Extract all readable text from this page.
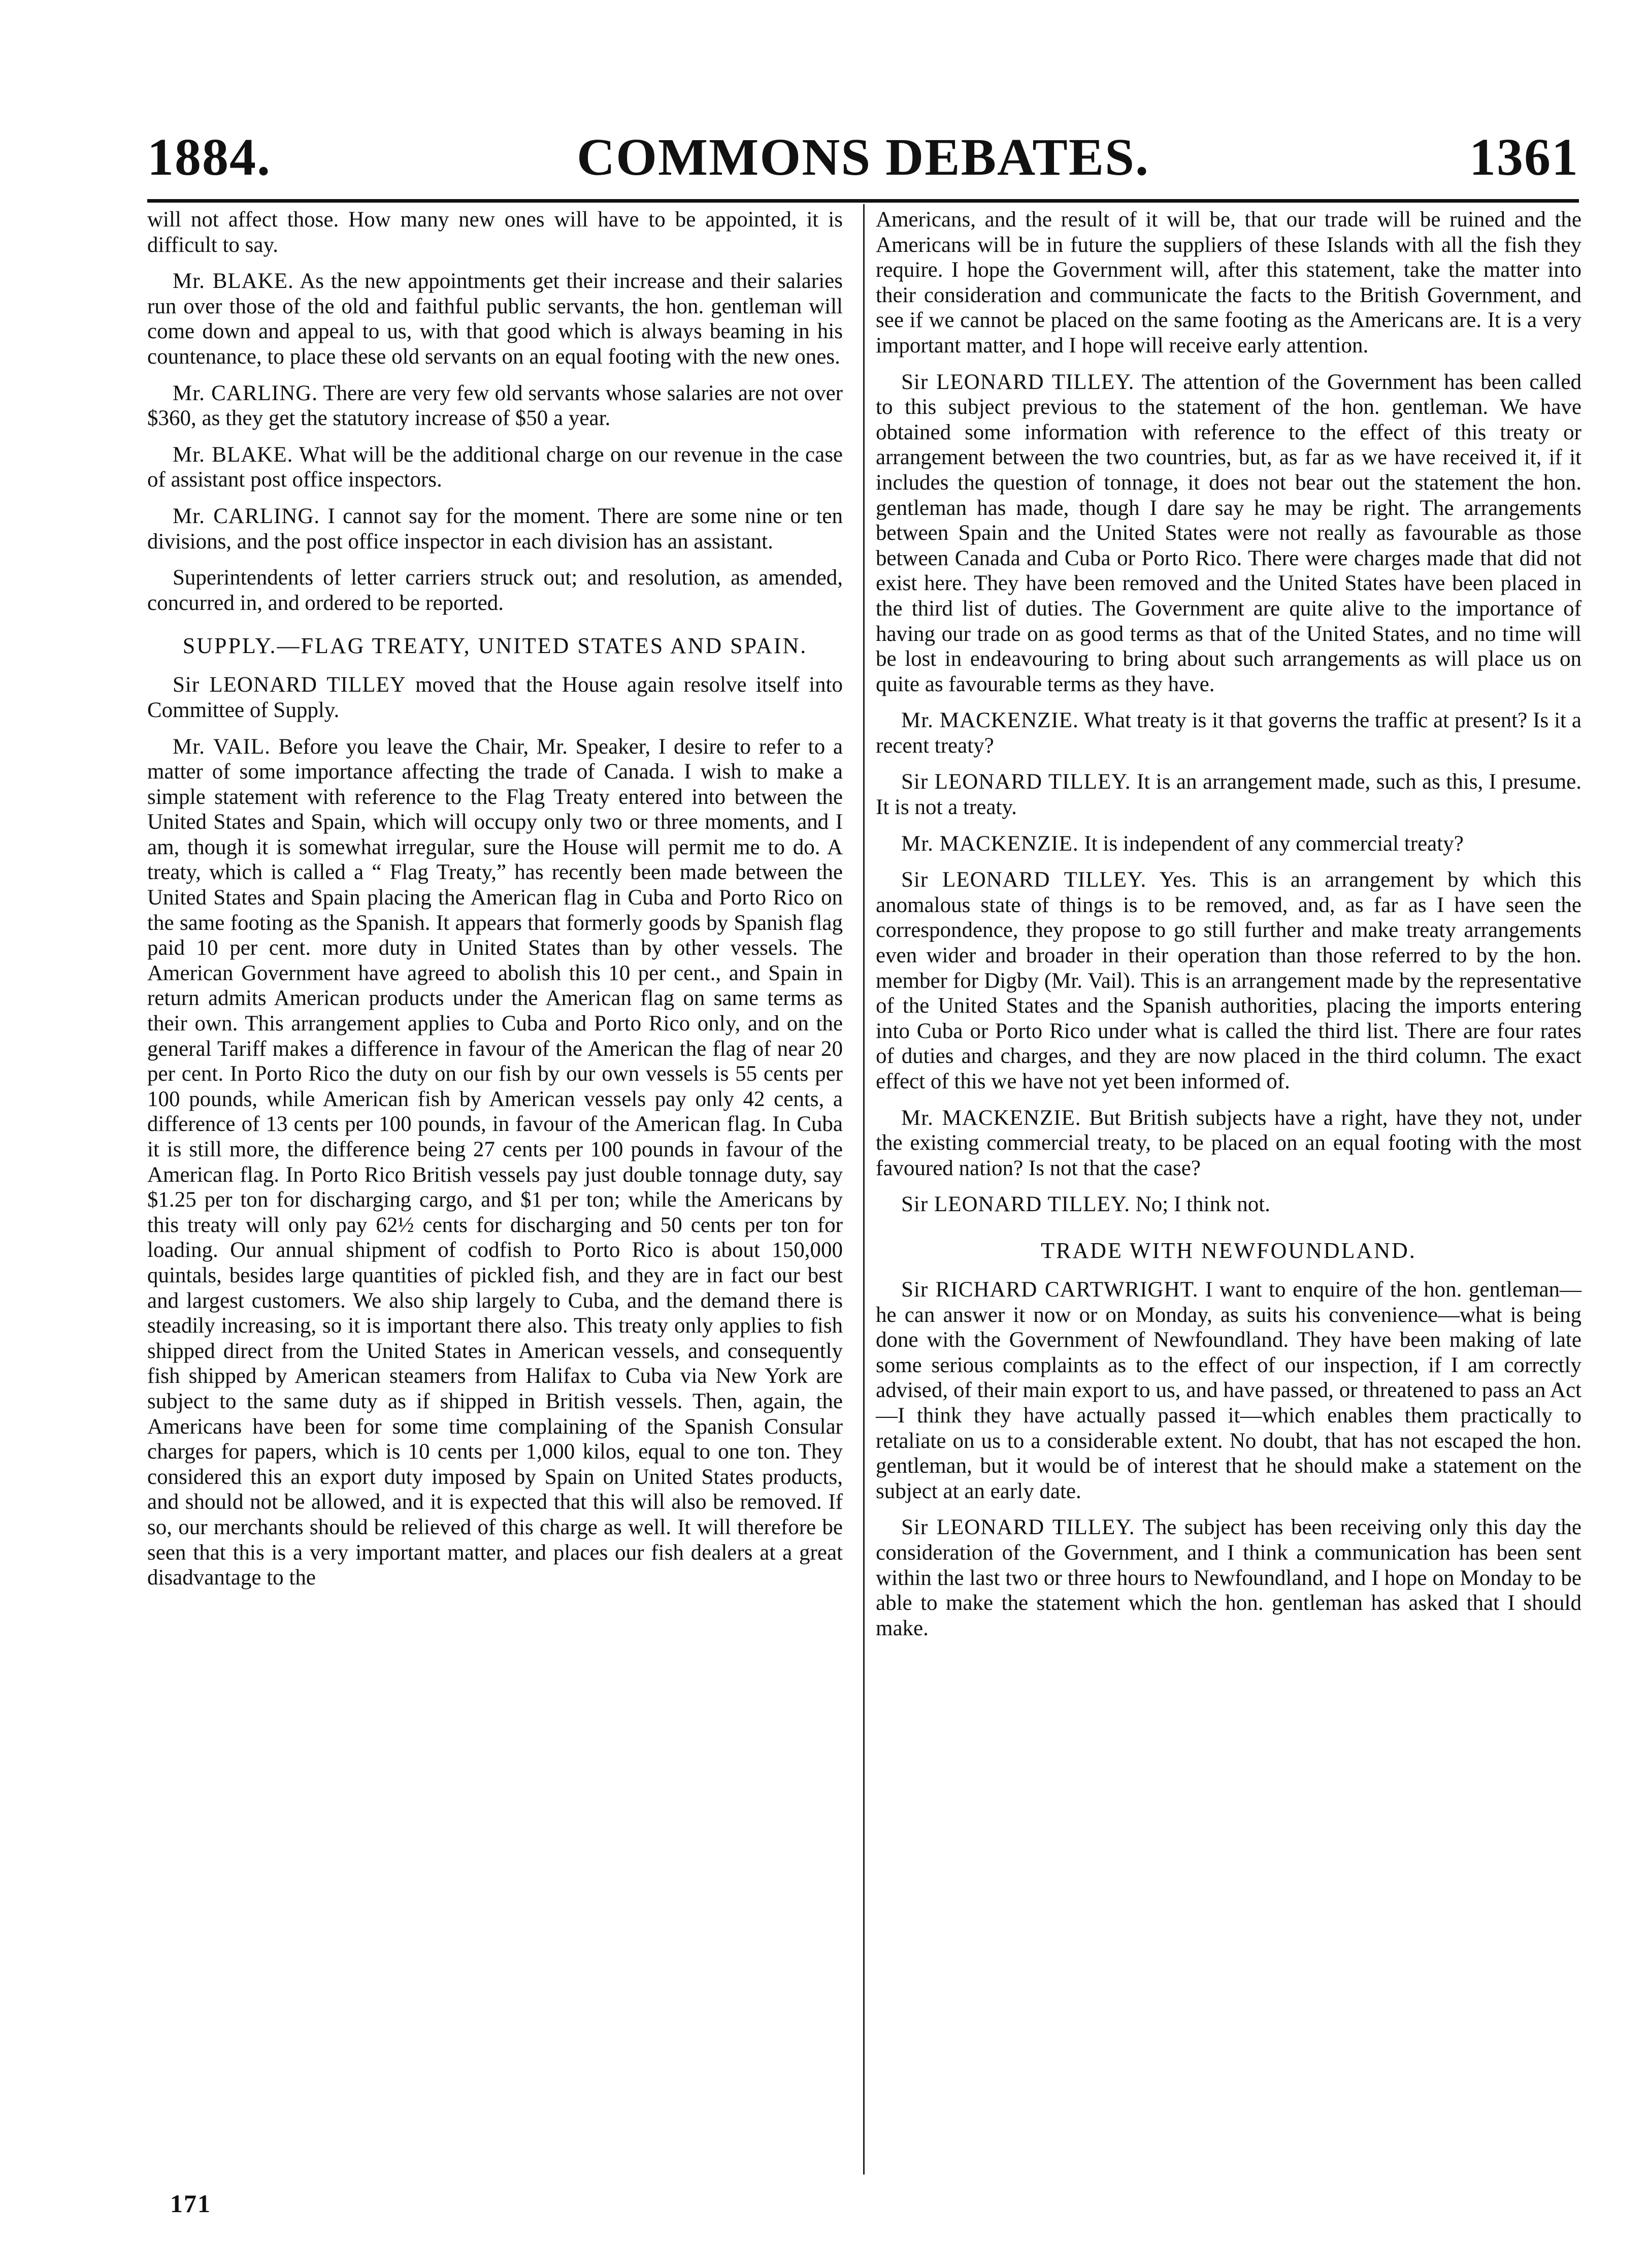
COMMONS DEBATES.
1884.	1361

will not affect those. How many new ones will have to be appointed, it is difficult to say.

Mr. BLAKE. As the new appointments get their increase and their salaries run over those of the old and faithful public servants, the hon. gentleman will come down and appeal to us, with that good which is always beaming in his countenance, to place these old servants on an equal footing with the new ones.

Mr. CARLING. There are very few old servants whose salaries are not over $360, as they get the statutory increase of $50 a year.

Mr. BLAKE. What will be the additional charge on our revenue in the case of assistant post office inspectors.

Mr. CARLING. I cannot say for the moment. There are some nine or ten divisions, and the post office inspector in each division has an assistant.

Superintendents of letter carriers struck out; and resolution, as amended, concurred in, and ordered to be reported.

SUPPLY.—FLAG TREATY, UNITED STATES AND SPAIN.

Sir LEONARD TILLEY moved that the House again resolve itself into Committee of Supply.

Mr. VAIL. Before you leave the Chair, Mr. Speaker, I desire to refer to a matter of some importance affecting the trade of Canada. I wish to make a simple statement with reference to the Flag Treaty entered into between the United States and Spain, which will occupy only two or three moments, and I am, though it is somewhat irregular, sure the House will permit me to do. A treaty, which is called a “ Flag Treaty,” has recently been made between the United States and Spain placing the American flag in Cuba and Porto Rico on the same footing as the Spanish. It appears that formerly goods by Spanish flag paid 10 per cent. more duty in United States than by other vessels. The American Government have agreed to abolish this 10 per cent., and Spain in return admits American products under the American flag on same terms as their own. This arrangement applies to Cuba and Porto Rico only, and on the general Tariff makes a difference in favour of the American the flag of near 20 per cent. In Porto Rico the duty on our fish by our own vessels is 55 cents per 100 pounds, while American fish by American vessels pay only 42 cents, a difference of 13 cents per 100 pounds, in favour of the American flag. In Cuba it is still more, the difference being 27 cents per 100 pounds in favour of the American flag. In Porto Rico British vessels pay just double tonnage duty, say $1.25 per ton for discharging cargo, and $1 per ton; while the Americans by this treaty will only pay 62½ cents for discharging and 50 cents per ton for loading. Our annual shipment of codfish to Porto Rico is about 150,000 quintals, besides large quantities of pickled fish, and they are in fact our best and largest customers. We also ship largely to Cuba, and the demand there is steadily increasing, so it is important there also. This treaty only applies to fish shipped direct from the United States in American vessels, and consequently fish shipped by American steamers from Halifax to Cuba via New York are subject to the same duty as if shipped in British vessels. Then, again, the Americans have been for some time complaining of the Spanish Consular charges for papers, which is 10 cents per 1,000 kilos, equal to one ton. They considered this an export duty imposed by Spain on United States products, and should not be allowed, and it is expected that this will also be removed. If so, our merchants should be relieved of this charge as well. It will therefore be seen that this is a very important matter, and places our fish dealers at a great disadvantage to the

Americans, and the result of it will be, that our trade will be ruined and the Americans will be in future the suppliers of these Islands with all the fish they require. I hope the Government will, after this statement, take the matter into their consideration and communicate the facts to the British Government, and see if we cannot be placed on the same footing as the Americans are. It is a very important matter, and I hope will receive early attention.

Sir LEONARD TILLEY. The attention of the Government has been called to this subject previous to the statement of the hon. gentleman. We have obtained some information with reference to the effect of this treaty or arrangement between the two countries, but, as far as we have received it, if it includes the question of tonnage, it does not bear out the statement the hon. gentleman has made, though I dare say he may be right. The arrangements between Spain and the United States were not really as favourable as those between Canada and Cuba or Porto Rico. There were charges made that did not exist here. They have been removed and the United States have been placed in the third list of duties. The Government are quite alive to the importance of having our trade on as good terms as that of the United States, and no time will be lost in endeavouring to bring about such arrangements as will place us on quite as favourable terms as they have.

Mr. MACKENZIE. What treaty is it that governs the traffic at present? Is it a recent treaty?

Sir LEONARD TILLEY. It is an arrangement made, such as this, I presume. It is not a treaty.

Mr. MACKENZIE. It is independent of any commercial treaty?

Sir LEONARD TILLEY. Yes. This is an arrangement by which this anomalous state of things is to be removed, and, as far as I have seen the correspondence, they propose to go still further and make treaty arrangements even wider and broader in their operation than those referred to by the hon. member for Digby (Mr. Vail). This is an arrangement made by the representative of the United States and the Spanish authorities, placing the imports entering into Cuba or Porto Rico under what is called the third list. There are four rates of duties and charges, and they are now placed in the third column. The exact effect of this we have not yet been informed of.

Mr. MACKENZIE. But British subjects have a right, have they not, under the existing commercial treaty, to be placed on an equal footing with the most favoured nation? Is not that the case?

Sir LEONARD TILLEY. No; I think not.

TRADE WITH NEWFOUNDLAND.

Sir RICHARD CARTWRIGHT. I want to enquire of the hon. gentleman—he can answer it now or on Monday, as suits his convenience—what is being done with the Government of Newfoundland. They have been making of late some serious complaints as to the effect of our inspection, if I am correctly advised, of their main export to us, and have passed, or threatened to pass an Act—I think they have actually passed it—which enables them practically to retaliate on us to a considerable extent. No doubt, that has not escaped the hon. gentleman, but it would be of interest that he should make a statement on the subject at an early date.

Sir LEONARD TILLEY. The subject has been receiving only this day the consideration of the Government, and I think a communication has been sent within the last two or three hours to Newfoundland, and I hope on Monday to be able to make the statement which the hon. gentleman has asked that I should make.

171
